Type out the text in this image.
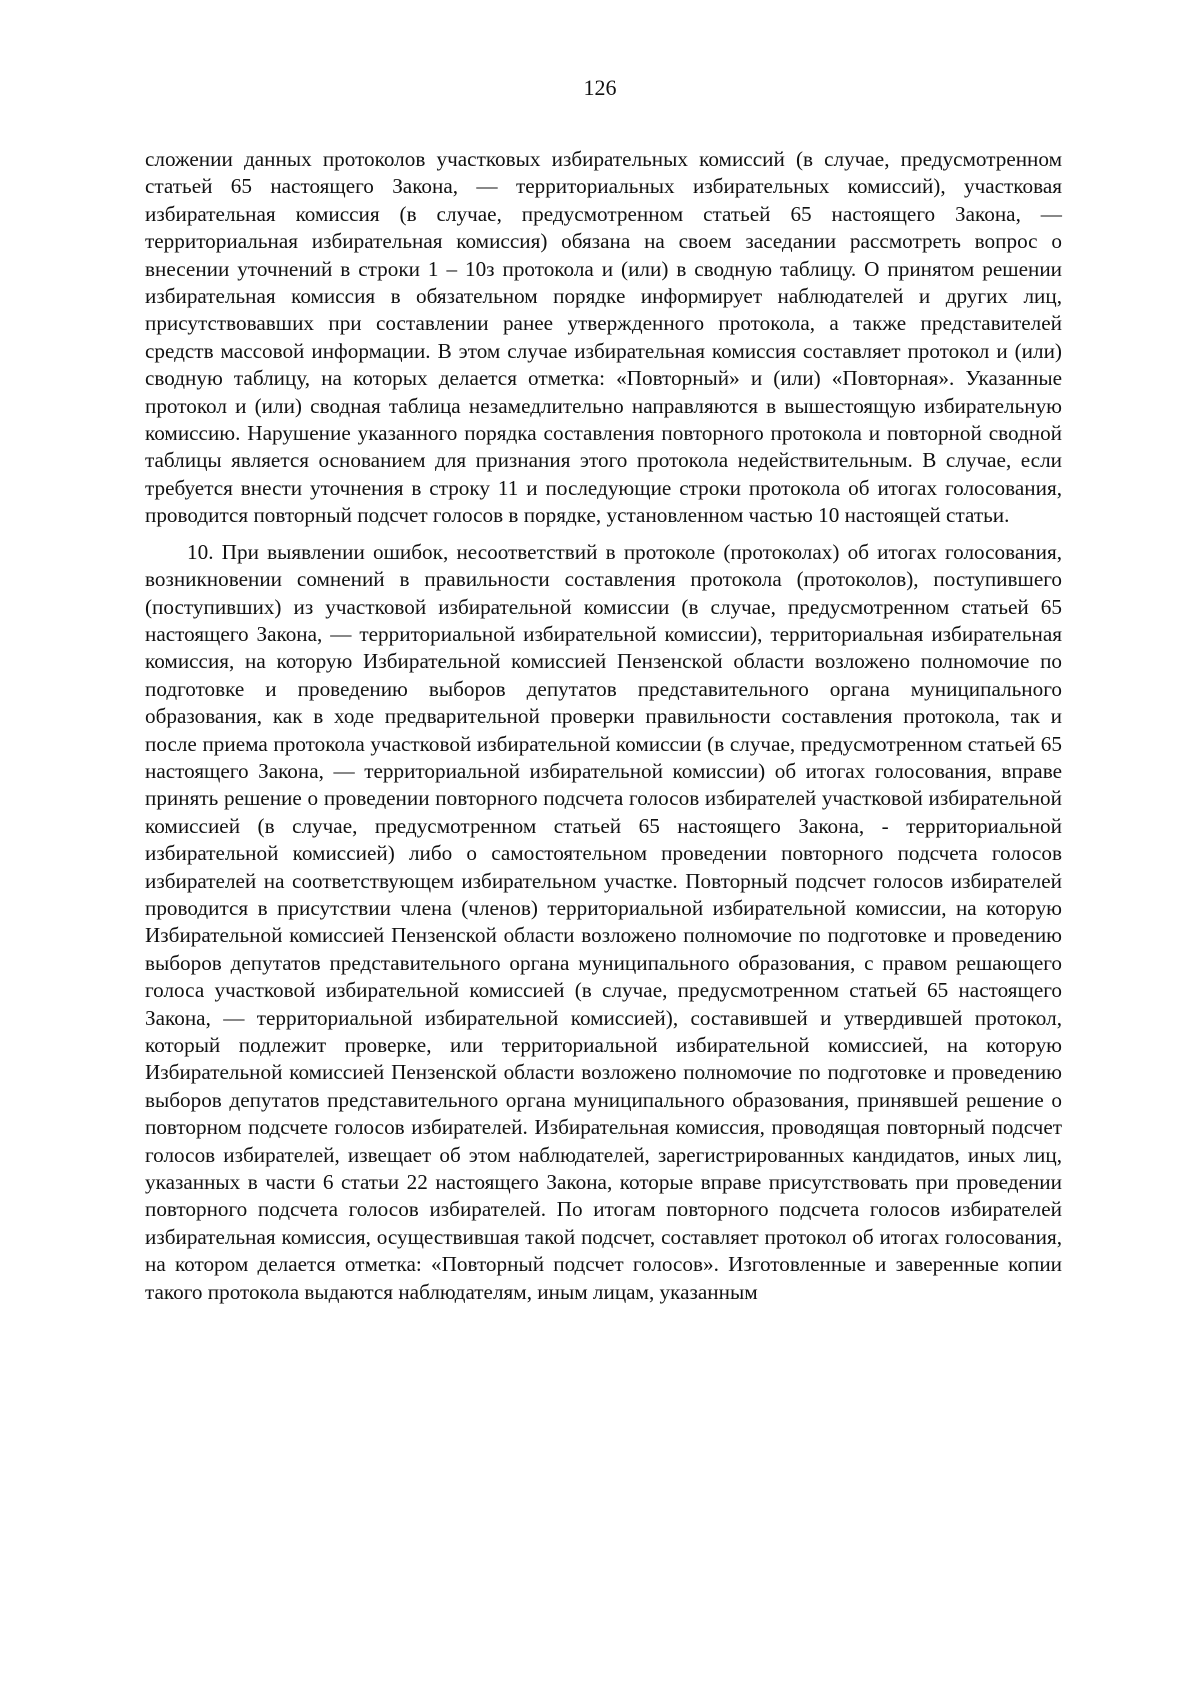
126

сложении данных протоколов участковых избирательных комиссий (в случае, предусмотренном статьей 65 настоящего Закона, — территориальных избирательных комиссий), участковая избирательная комиссия (в случае, предусмотренном статьей 65 настоящего Закона, — территориальная избирательная комиссия) обязана на своем заседании рассмотреть вопрос о внесении уточнений в строки 1 – 10з протокола и (или) в сводную таблицу. О принятом решении избирательная комиссия в обязательном порядке информирует наблюдателей и других лиц, присутствовавших при составлении ранее утвержденного протокола, а также представителей средств массовой информации. В этом случае избирательная комиссия составляет протокол и (или) сводную таблицу, на которых делается отметка: «Повторный» и (или) «Повторная». Указанные протокол и (или) сводная таблица незамедлительно направляются в вышестоящую избирательную комиссию. Нарушение указанного порядка составления повторного протокола и повторной сводной таблицы является основанием для признания этого протокола недействительным. В случае, если требуется внести уточнения в строку 11 и последующие строки протокола об итогах голосования, проводится повторный подсчет голосов в порядке, установленном частью 10 настоящей статьи.

10. При выявлении ошибок, несоответствий в протоколе (протоколах) об итогах голосования, возникновении сомнений в правильности составления протокола (протоколов), поступившего (поступивших) из участковой избирательной комиссии (в случае, предусмотренном статьей 65 настоящего Закона, — территориальной избирательной комиссии), территориальная избирательная комиссия, на которую Избирательной комиссией Пензенской области возложено полномочие по подготовке и проведению выборов депутатов представительного органа муниципального образования, как в ходе предварительной проверки правильности составления протокола, так и после приема протокола участковой избирательной комиссии (в случае, предусмотренном статьей 65 настоящего Закона, — территориальной избирательной комиссии) об итогах голосования, вправе принять решение о проведении повторного подсчета голосов избирателей участковой избирательной комиссией (в случае, предусмотренном статьей 65 настоящего Закона, - территориальной избирательной комиссией) либо о самостоятельном проведении повторного подсчета голосов избирателей на соответствующем избирательном участке. Повторный подсчет голосов избирателей проводится в присутствии члена (членов) территориальной избирательной комиссии, на которую Избирательной комиссией Пензенской области возложено полномочие по подготовке и проведению выборов депутатов представительного органа муниципального образования, с правом решающего голоса участковой избирательной комиссией (в случае, предусмотренном статьей 65 настоящего Закона, — территориальной избирательной комиссией), составившей и утвердившей протокол, который подлежит проверке, или территориальной избирательной комиссией, на которую Избирательной комиссией Пензенской области возложено полномочие по подготовке и проведению выборов депутатов представительного органа муниципального образования, принявшей решение о повторном подсчете голосов избирателей. Избирательная комиссия, проводящая повторный подсчет голосов избирателей, извещает об этом наблюдателей, зарегистрированных кандидатов, иных лиц, указанных в части 6 статьи 22 настоящего Закона, которые вправе присутствовать при проведении повторного подсчета голосов избирателей. По итогам повторного подсчета голосов избирателей избирательная комиссия, осуществившая такой подсчет, составляет протокол об итогах голосования, на котором делается отметка: «Повторный подсчет голосов». Изготовленные и заверенные копии такого протокола выдаются наблюдателям, иным лицам, указанным
